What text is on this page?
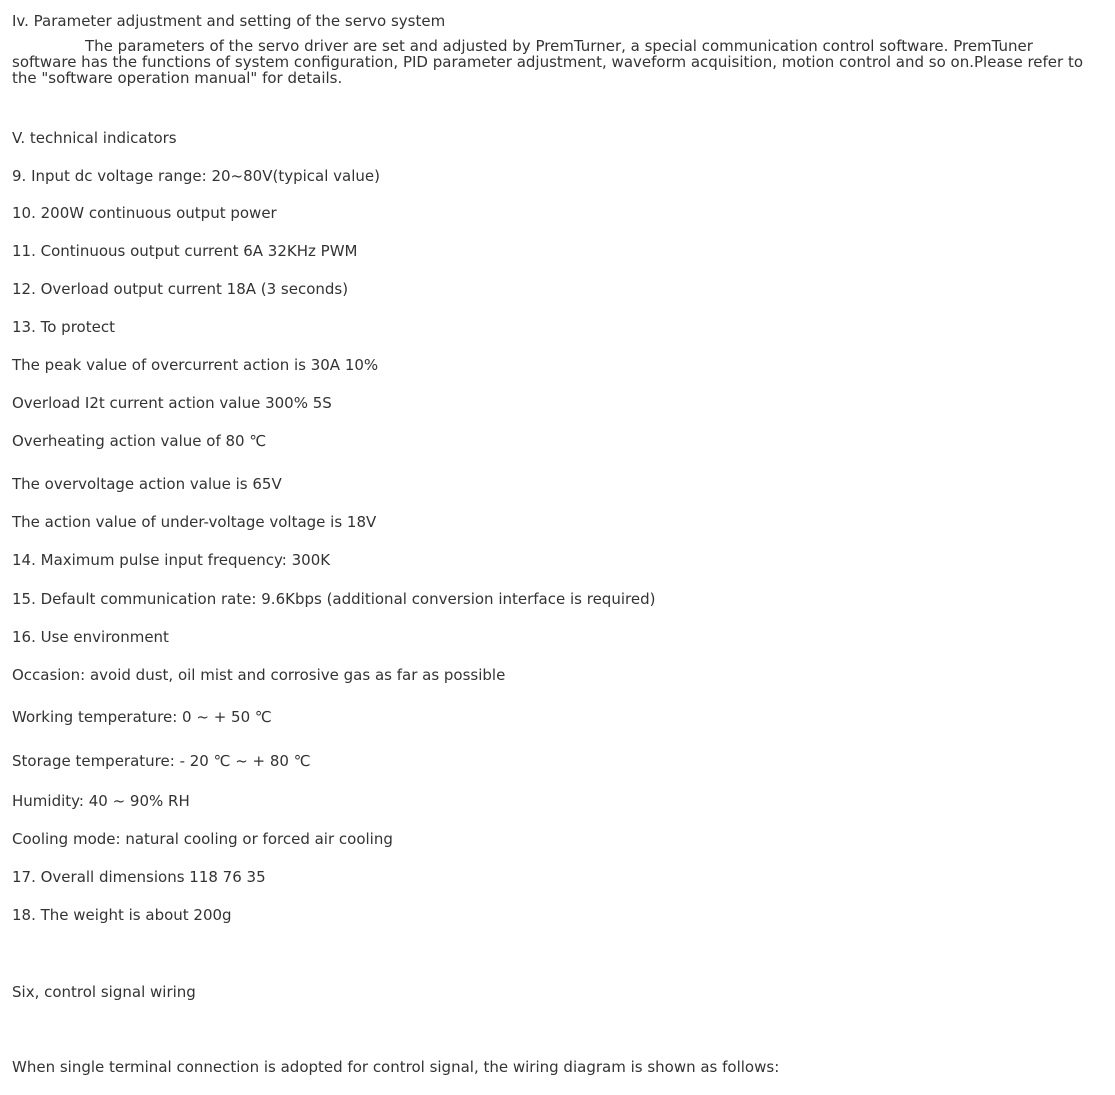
Iv. Parameter adjustment and setting of the servo system
The parameters of the servo driver are set and adjusted by PremTurner, a special communication control software. PremTuner software has the functions of system configuration, PID parameter adjustment, waveform acquisition, motion control and so on.Please refer to the "software operation manual" for details.
V. technical indicators
9. Input dc voltage range: 20~80V(typical value)
10. 200W continuous output power
11. Continuous output current 6A 32KHz PWM
12. Overload output current 18A (3 seconds)
13. To protect
The peak value of overcurrent action is 30A 10%
Overload I2t current action value 300% 5S
Overheating action value of 80 ℃
The overvoltage action value is 65V
The action value of under-voltage voltage is 18V
14. Maximum pulse input frequency: 300K
15. Default communication rate: 9.6Kbps (additional conversion interface is required)
16. Use environment
Occasion: avoid dust, oil mist and corrosive gas as far as possible
Working temperature: 0 ~ + 50 ℃
Storage temperature: - 20 ℃ ~ + 80 ℃
Humidity: 40 ~ 90% RH
Cooling mode: natural cooling or forced air cooling
17. Overall dimensions 118 76 35
18. The weight is about 200g
Six, control signal wiring
When single terminal connection is adopted for control signal, the wiring diagram is shown as follows:
